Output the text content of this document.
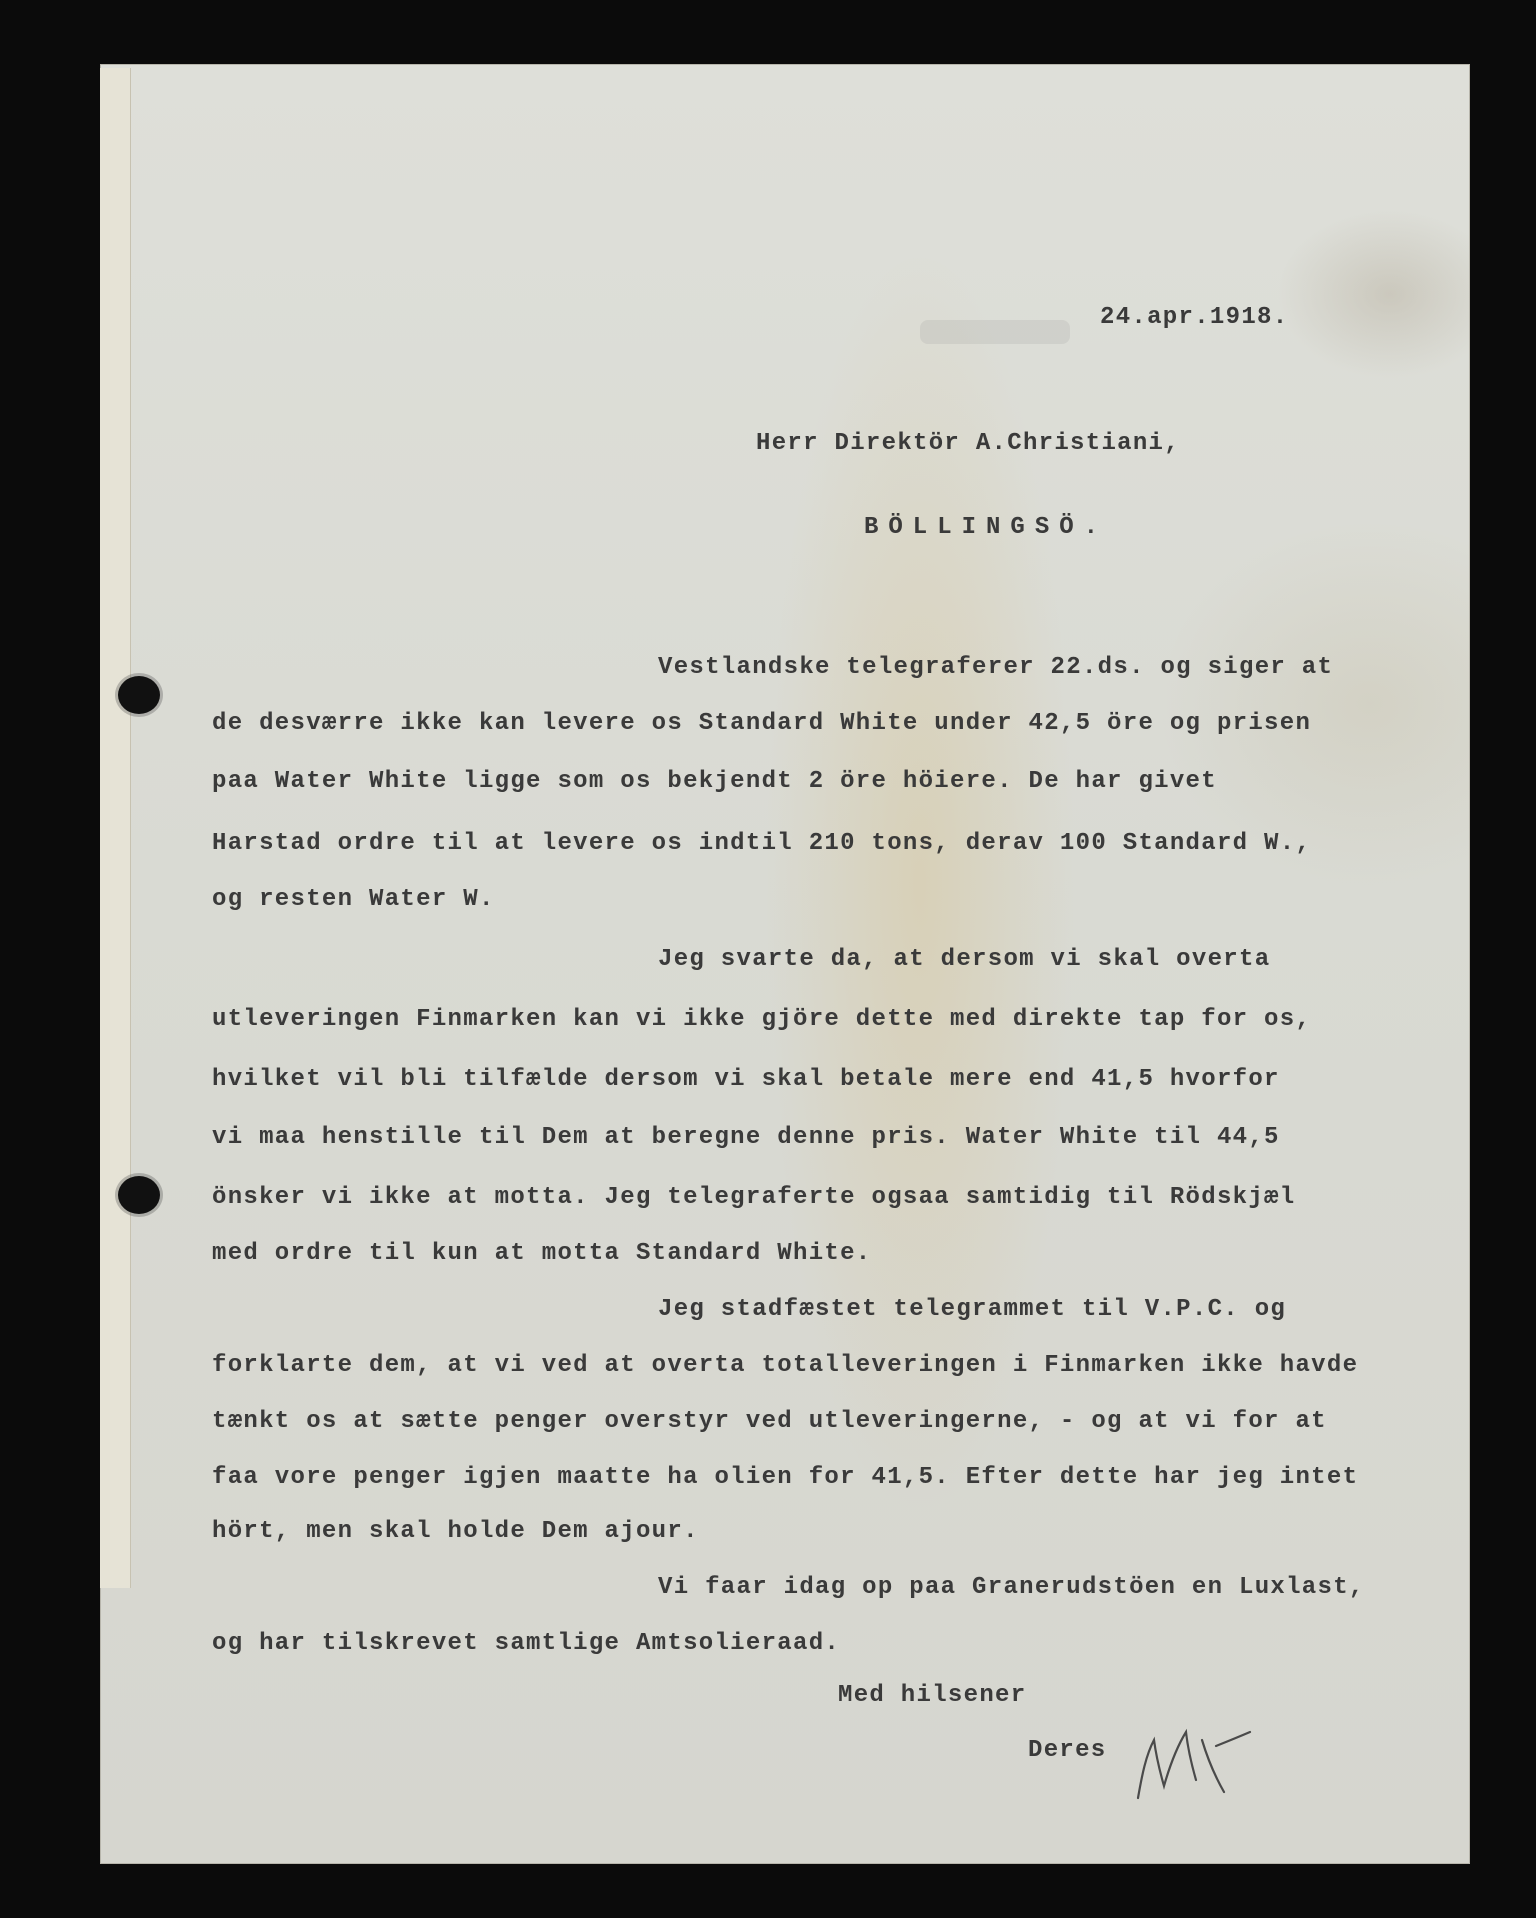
24.apr.1918.
Herr Direktör A.Christiani,
BÖLLINGSÖ.
Vestlandske telegraferer 22.ds. og siger at
de desværre ikke kan levere os Standard White under 42,5 öre og prisen
paa Water White ligge som os bekjendt 2 öre höiere. De har givet
Harstad ordre til at levere os indtil 210 tons, derav 100 Standard W.,
og resten Water W.
Jeg svarte da, at dersom vi skal overta
utleveringen Finmarken kan vi ikke gjöre dette med direkte tap for os,
hvilket vil bli tilfælde dersom vi skal betale mere end 41,5 hvorfor
vi maa henstille til Dem at beregne denne pris. Water White til 44,5
önsker vi ikke at motta. Jeg telegraferte ogsaa samtidig til Rödskjæl
med ordre til kun at motta Standard White.
Jeg stadfæstet telegrammet til V.P.C. og
forklarte dem, at vi ved at overta totalleveringen i Finmarken ikke havde
tænkt os at sætte penger overstyr ved utleveringerne, - og at vi for at
faa vore penger igjen maatte ha olien for 41,5. Efter dette har jeg intet
hört, men skal holde Dem ajour.
Vi faar idag op paa Granerudstöen en Luxlast,
og har tilskrevet samtlige Amtsolieraad.
Med hilsener
Deres
